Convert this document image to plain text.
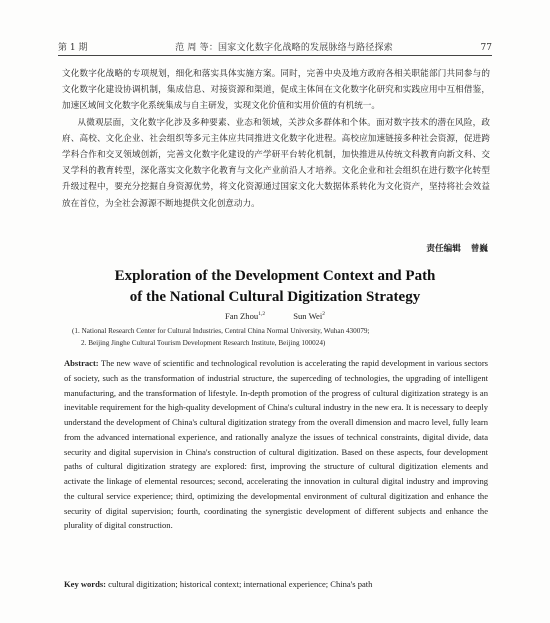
第 1 期	范 周 等：国家文化数字化战略的发展脉络与路径探索	77

文化数字化战略的专项规划，细化和落实具体实施方案。同时，完善中央及地方政府各相关职能部门共同参与的文化数字化建设协调机制，集成信息、对接资源和渠道，促成主体间在文化数字化研究和实践应用中互相借鉴，加速区域间文化数字化系统集成与自主研发，实现文化价值和实用价值的有机统一。

从微观层面，文化数字化涉及多种要素、业态和领域，关涉众多群体和个体。面对数字技术的潜在风险，政府、高校、文化企业、社会组织等多元主体应共同推进文化数字化进程。高校应加速链接多种社会资源，促进跨学科合作和交叉领域创新，完善文化数字化建设的产学研平台转化机制，加快推进从传统文科教育向新文科、交叉学科的教育转型，深化落实文化数字化教育与文化产业前沿人才培养。文化企业和社会组织在进行数字化转型升级过程中，要充分挖掘自身资源优势，将文化资源通过国家文化大数据体系转化为文化资产，坚持将社会效益放在首位，为全社会源源不断地提供文化创意动力。

责任编辑 曾巍
Exploration of the Development Context and Path
of the National Cultural Digitization Strategy
Fan Zhou$^{1,2}$	Sun Wei$^2$
(1. National Research Center for Cultural Industries, Central China Normal University, Wuhan 430079;
2. Beijing Jinghe Cultural Tourism Development Research Institute, Beijing 100024)
Abstract: The new wave of scientific and technological revolution is accelerating the rapid development in various sectors of society, such as the transformation of industrial structure, the superceding of technologies, the upgrading of intelligent manufacturing, and the transformation of lifestyle. In-depth promotion of the progress of cultural digitization strategy is an inevitable requirement for the high-quality development of China's cultural industry in the new era. It is necessary to deeply understand the development of China's cultural digitization strategy from the overall dimension and macro level, fully learn from the advanced international experience, and rationally analyze the issues of technical constraints, digital divide, data security and digital supervision in China's construction of cultural digitization. Based on these aspects, four development paths of cultural digitization strategy are explored: first, improving the structure of cultural digitization elements and activate the linkage of elemental resources; second, accelerating the innovation in cultural digital industry and improving the cultural service experience; third, optimizing the developmental environment of cultural digitization and enhance the security of digital supervision; fourth, coordinating the synergistic development of different subjects and enhance the plurality of digital construction.
Key words: cultural digitization; historical context; international experience; China's path
